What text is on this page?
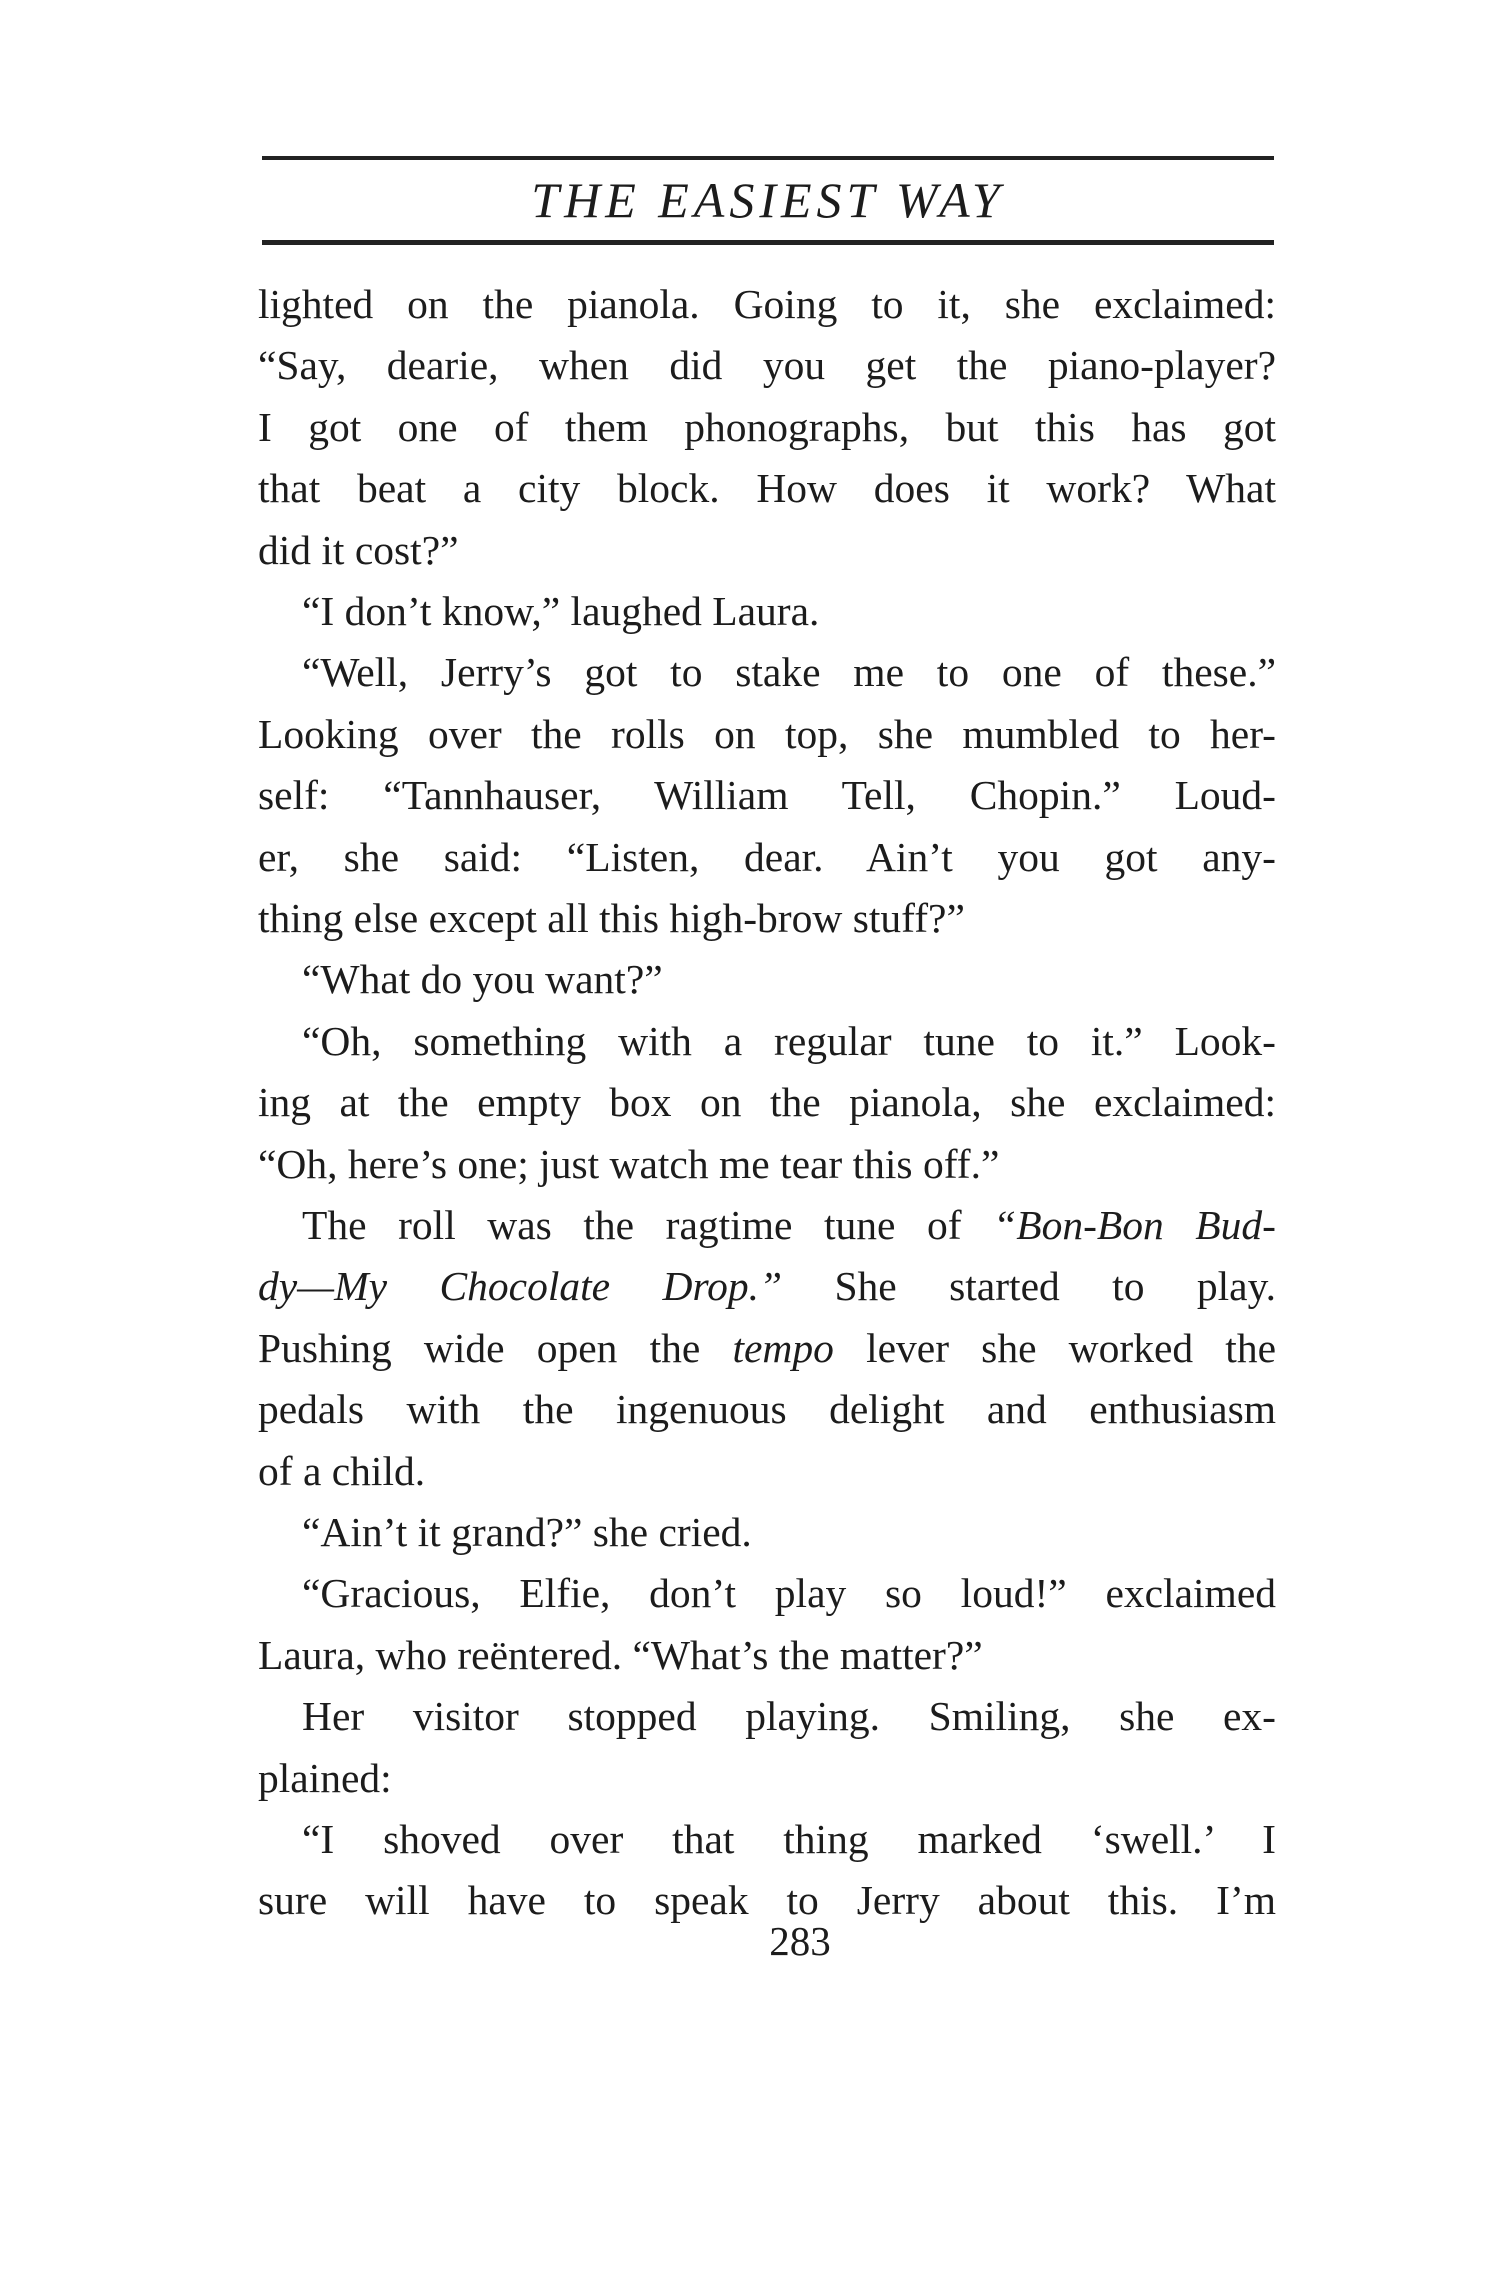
THE EASIEST WAY
lighted on the pianola. Going to it, she exclaimed:
“Say, dearie, when did you get the piano-player?
I got one of them phonographs, but this has got
that beat a city block. How does it work? What
did it cost?”
“I don’t know,” laughed Laura.
“Well, Jerry’s got to stake me to one of these.”
Looking over the rolls on top, she mumbled to her-
self: “Tannhauser, William Tell, Chopin.” Loud-
er, she said: “Listen, dear. Ain’t you got any-
thing else except all this high-brow stuff?”
“What do you want?”
“Oh, something with a regular tune to it.” Look-
ing at the empty box on the pianola, she exclaimed:
“Oh, here’s one; just watch me tear this off.”
The roll was the ragtime tune of “Bon-Bon Bud-
dy—My Chocolate Drop.” She started to play.
Pushing wide open the tempo lever she worked the
pedals with the ingenuous delight and enthusiasm
of a child.
“Ain’t it grand?” she cried.
“Gracious, Elfie, don’t play so loud!” exclaimed
Laura, who reëntered. “What’s the matter?”
Her visitor stopped playing. Smiling, she ex-
plained:
“I shoved over that thing marked ‘swell.’ I
sure will have to speak to Jerry about this. I’m
283
